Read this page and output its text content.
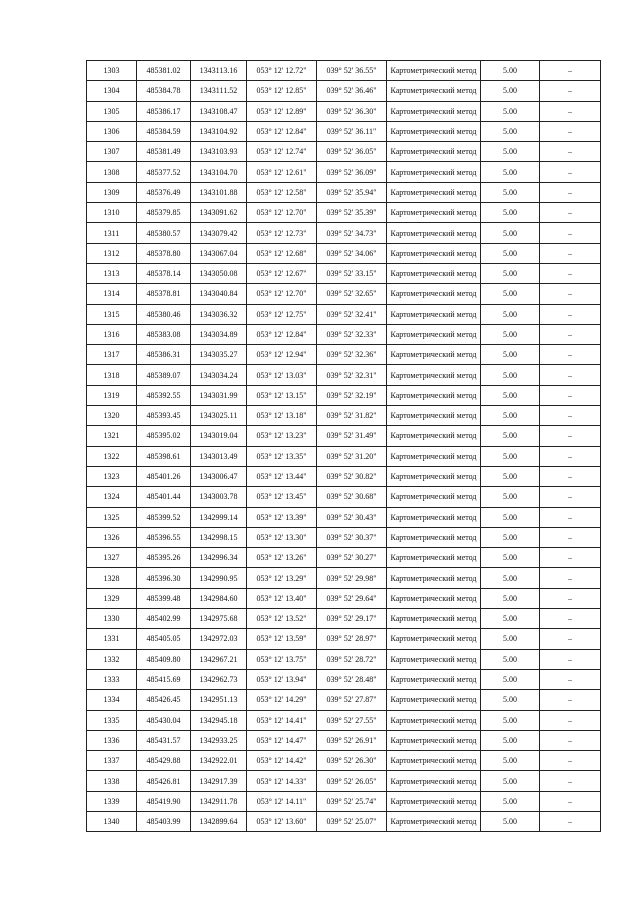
1303	485381.02	1343113.16	053° 12' 12.72"	039° 52' 36.55"	Картометрический метод	5.00	–
1304	485384.78	1343111.52	053° 12' 12.85"	039° 52' 36.46"	Картометрический метод	5.00	–
1305	485386.17	1343108.47	053° 12' 12.89"	039° 52' 36.30"	Картометрический метод	5.00	–
1306	485384.59	1343104.92	053° 12' 12.84"	039° 52' 36.11"	Картометрический метод	5.00	–
1307	485381.49	1343103.93	053° 12' 12.74"	039° 52' 36.05"	Картометрический метод	5.00	–
1308	485377.52	1343104.70	053° 12' 12.61"	039° 52' 36.09"	Картометрический метод	5.00	–
1309	485376.49	1343101.88	053° 12' 12.58"	039° 52' 35.94"	Картометрический метод	5.00	–
1310	485379.85	1343091.62	053° 12' 12.70"	039° 52' 35.39"	Картометрический метод	5.00	–
1311	485380.57	1343079.42	053° 12' 12.73"	039° 52' 34.73"	Картометрический метод	5.00	–
1312	485378.80	1343067.04	053° 12' 12.68"	039° 52' 34.06"	Картометрический метод	5.00	–
1313	485378.14	1343050.08	053° 12' 12.67"	039° 52' 33.15"	Картометрический метод	5.00	–
1314	485378.81	1343040.84	053° 12' 12.70"	039° 52' 32.65"	Картометрический метод	5.00	–
1315	485380.46	1343036.32	053° 12' 12.75"	039° 52' 32.41"	Картометрический метод	5.00	–
1316	485383.08	1343034.89	053° 12' 12.84"	039° 52' 32.33"	Картометрический метод	5.00	–
1317	485386.31	1343035.27	053° 12' 12.94"	039° 52' 32.36"	Картометрический метод	5.00	–
1318	485389.07	1343034.24	053° 12' 13.03"	039° 52' 32.31"	Картометрический метод	5.00	–
1319	485392.55	1343031.99	053° 12' 13.15"	039° 52' 32.19"	Картометрический метод	5.00	–
1320	485393.45	1343025.11	053° 12' 13.18"	039° 52' 31.82"	Картометрический метод	5.00	–
1321	485395.02	1343019.04	053° 12' 13.23"	039° 52' 31.49"	Картометрический метод	5.00	–
1322	485398.61	1343013.49	053° 12' 13.35"	039° 52' 31.20"	Картометрический метод	5.00	–
1323	485401.26	1343006.47	053° 12' 13.44"	039° 52' 30.82"	Картометрический метод	5.00	–
1324	485401.44	1343003.78	053° 12' 13.45"	039° 52' 30.68"	Картометрический метод	5.00	–
1325	485399.52	1342999.14	053° 12' 13.39"	039° 52' 30.43"	Картометрический метод	5.00	–
1326	485396.55	1342998.15	053° 12' 13.30"	039° 52' 30.37"	Картометрический метод	5.00	–
1327	485395.26	1342996.34	053° 12' 13.26"	039° 52' 30.27"	Картометрический метод	5.00	–
1328	485396.30	1342990.95	053° 12' 13.29"	039° 52' 29.98"	Картометрический метод	5.00	–
1329	485399.48	1342984.60	053° 12' 13.40"	039° 52' 29.64"	Картометрический метод	5.00	–
1330	485402.99	1342975.68	053° 12' 13.52"	039° 52' 29.17"	Картометрический метод	5.00	–
1331	485405.05	1342972.03	053° 12' 13.59"	039° 52' 28.97"	Картометрический метод	5.00	–
1332	485409.80	1342967.21	053° 12' 13.75"	039° 52' 28.72"	Картометрический метод	5.00	–
1333	485415.69	1342962.73	053° 12' 13.94"	039° 52' 28.48"	Картометрический метод	5.00	–
1334	485426.45	1342951.13	053° 12' 14.29"	039° 52' 27.87"	Картометрический метод	5.00	–
1335	485430.04	1342945.18	053° 12' 14.41"	039° 52' 27.55"	Картометрический метод	5.00	–
1336	485431.57	1342933.25	053° 12' 14.47"	039° 52' 26.91"	Картометрический метод	5.00	–
1337	485429.88	1342922.01	053° 12' 14.42"	039° 52' 26.30"	Картометрический метод	5.00	–
1338	485426.81	1342917.39	053° 12' 14.33"	039° 52' 26.05"	Картометрический метод	5.00	–
1339	485419.90	1342911.78	053° 12' 14.11"	039° 52' 25.74"	Картометрический метод	5.00	–
1340	485403.99	1342899.64	053° 12' 13.60"	039° 52' 25.07"	Картометрический метод	5.00	–
